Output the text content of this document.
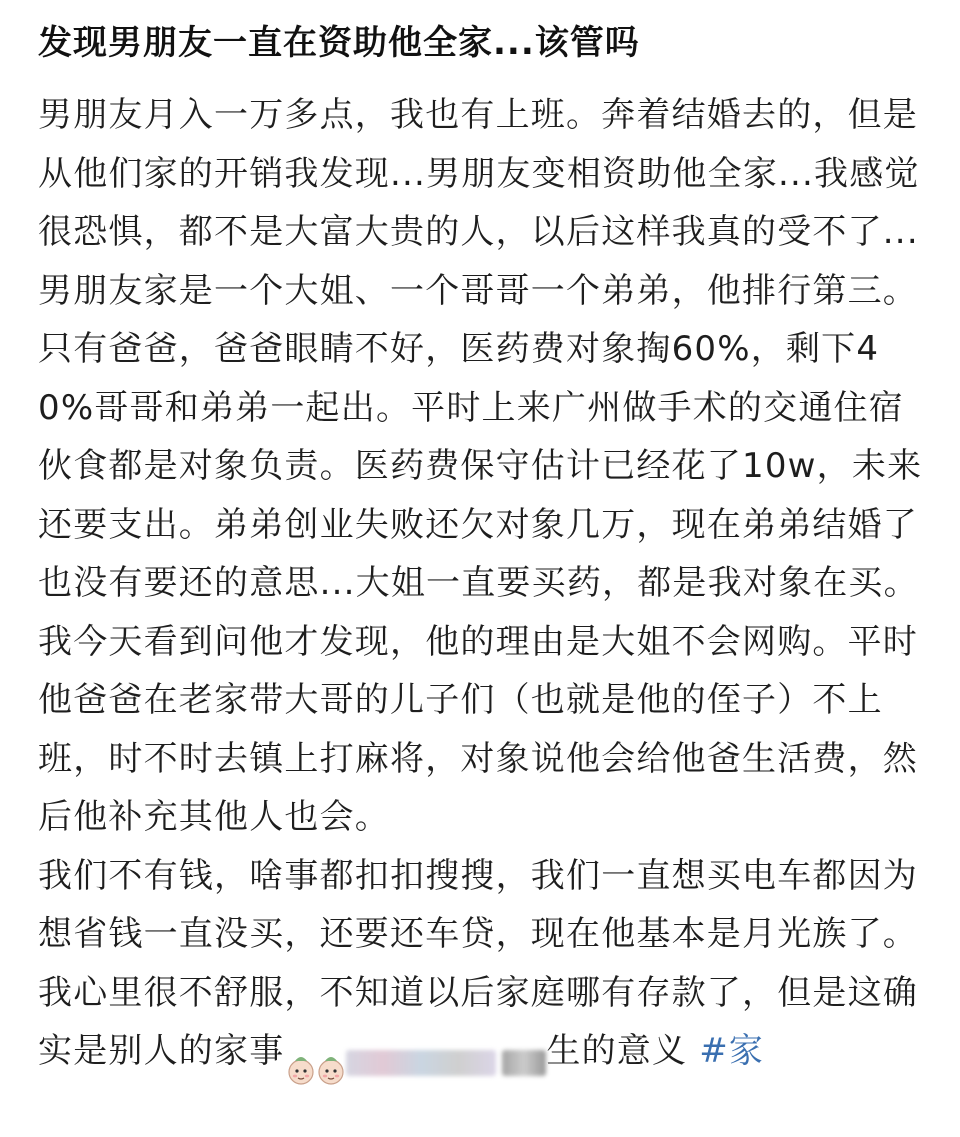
发现男朋友一直在资助他全家...该管吗

男朋友月入一万多点，我也有上班。奔着结婚去的，但是从他们家的开销我发现...男朋友变相资助他全家...我感觉很恐惧，都不是大富大贵的人，以后这样我真的受不了...

男朋友家是一个大姐、一个哥哥一个弟弟，他排行第三。只有爸爸，爸爸眼睛不好，医药费对象掏60%，剩下40%哥哥和弟弟一起出。平时上来广州做手术的交通住宿伙食都是对象负责。医药费保守估计已经花了10w，未来还要支出。弟弟创业失败还欠对象几万，现在弟弟结婚了也没有要还的意思...大姐一直要买药，都是我对象在买。我今天看到问他才发现，他的理由是大姐不会网购。平时他爸爸在老家带大哥的儿子们（也就是他的侄子）不上班，时不时去镇上打麻将，对象说他会给他爸生活费，然后他补充其他人也会。

我们不有钱，啥事都扣扣搜搜，我们一直想买电车都因为想省钱一直没买，还要还车贷，现在他基本是月光族了。我心里很不舒服，不知道以后家庭哪有存款了，但是这确实是别人的家事	生的意义 #家
